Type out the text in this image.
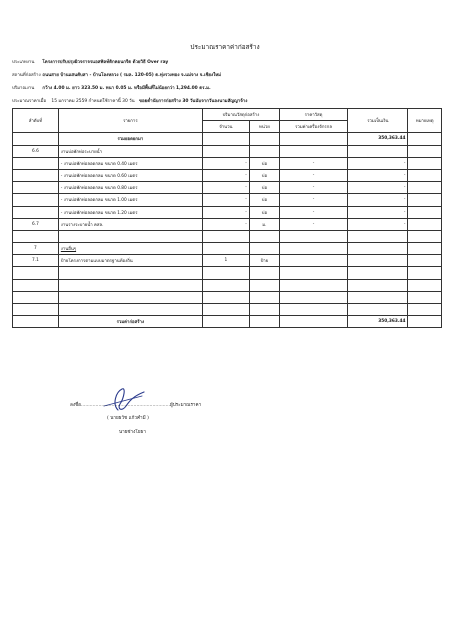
ประมาณราคาค่าก่อสร้าง
ประเภทงาน โครงการปรับปรุงผิวจราจรแอสฟัลท์ติกคอนกรีต ด้วยวิธี Over ray
สถานที่ก่อสร้าง ถนนสาย บ้านแสนคับสา - บ้านโลงหลวง ( รมล. 120-05) ต.ทุ่งรวงทอง จ.แม่จาง จ.เชียงใหม่
ปริมาณงาน กว้าง 4.00 ม. ยาว 323.50 ม. หนา 0.05 ม. หรือมีพื้นที่ไม่น้อยกว่า 1,294.00 ตร.ม.
ประมาณราคาเมื่อ 15 มกราคม 2559 กำหนดใช้ราคานี้ 30 วัน ขอยต่ำนับการก่อสร้าง 30 วันนับจากวันลงนามสัญญาจ้าง
ลำดับที่	รายการ	ปริมาณวัสดุก่อสร้าง		ราคาวัสดุ	รวมเป็นเงิน	หมายเหตุ
		จำนวน	หน่วย	รวมค่าเครื่องจักรกล		
	รวมยอดยกมา				350,363.44	
6.6	งานบ่อพักท่อระบายน้ำ					
	- งานบ่อพักท่อลอดกลม ขนาด 0.40 เมตร	-	บ่อ	-	-	
	- งานบ่อพักท่อลอดกลม ขนาด 0.60 เมตร	-	บ่อ	-	-	
	- งานบ่อพักท่อลอดกลม ขนาด 0.80 เมตร	-	บ่อ	-	-	
	- งานบ่อพักท่อลอดกลม ขนาด 1.00 เมตร	-	บ่อ	-	-	
	- งานบ่อพักท่อลอดกลม ขนาด 1.20 เมตร	-	บ่อ	-	-	
6.7	งานรางระบายน้ำ คสล.	-	ม.	-	-	

7	งานอื่นๆ					
7.1	ป้ายโครงการตามแบบมาตรฐานท้องถิ่น	1	ป้าย			

	รวมค่าก่อสร้าง				350,363.44	
ลงชื่อ.............................................................ผู้ประมาณราคา
( นายธวัช แก้วคำมี )
นายช่างโยธา
